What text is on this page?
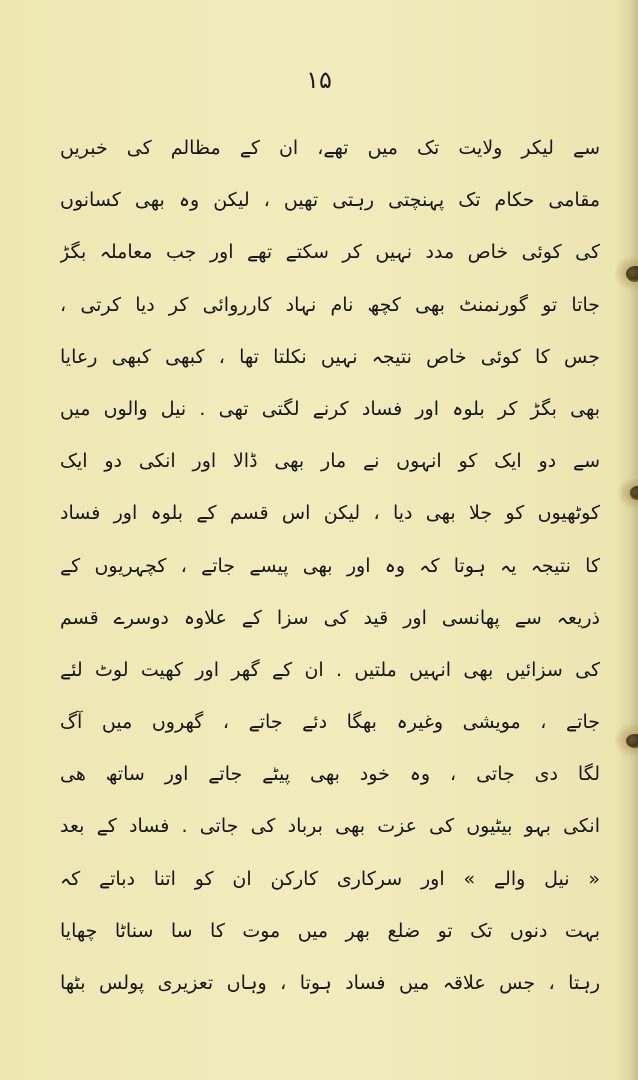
۱۵
سے لیکر ولایت تک میں تھے، ان کے مظالم کی خبریں
مقامی حکام تک پہنچتی رہتی تھیں ، لیکن وہ بھی کسانوں
کی کوئی خاص مدد نہیں کر سکتے تھے اور جب معاملہ بگڑ
جاتا تو گورنمنٹ بھی کچھ نام نہاد کارروائی کر دیا کرتی ،
جس کا کوئی خاص نتیجہ نہیں نکلتا تھا ، کبھی کبھی رعایا
بھی بگڑ کر بلوہ اور فساد کرنے لگتی تھی . نیل والوں میں
سے دو ایک کو انہوں نے مار بھی ڈالا اور انکی دو ایک
کوٹھیوں کو جلا بھی دیا ، لیکن اس قسم کے بلوہ اور فساد
کا نتیجہ یہ ہوتا کہ وہ اور بھی پیسے جاتے ، کچہریوں کے
ذریعہ سے پھانسی اور قید کی سزا کے علاوہ دوسرے قسم
کی سزائیں بھی انہیں ملتیں . ان کے گھر اور کھیت لوٹ لئے
جاتے ، مویشی وغیرہ بھگا دئے جاتے ، گھروں میں آگ
لگا دی جاتی ، وہ خود بھی پیٹے جاتے اور ساتھ ھی
انکی بہو بیٹیوں کی عزت بھی برباد کی جاتی . فساد کے بعد
« نیل والے » اور سرکاری کارکن ان کو اتنا دباتے کہ
بہت دنوں تک تو ضلع بھر میں موت کا سا سناٹا چھایا
رہتا ، جس علاقہ میں فساد ہوتا ، وہاں تعزیری پولس بٹھا
